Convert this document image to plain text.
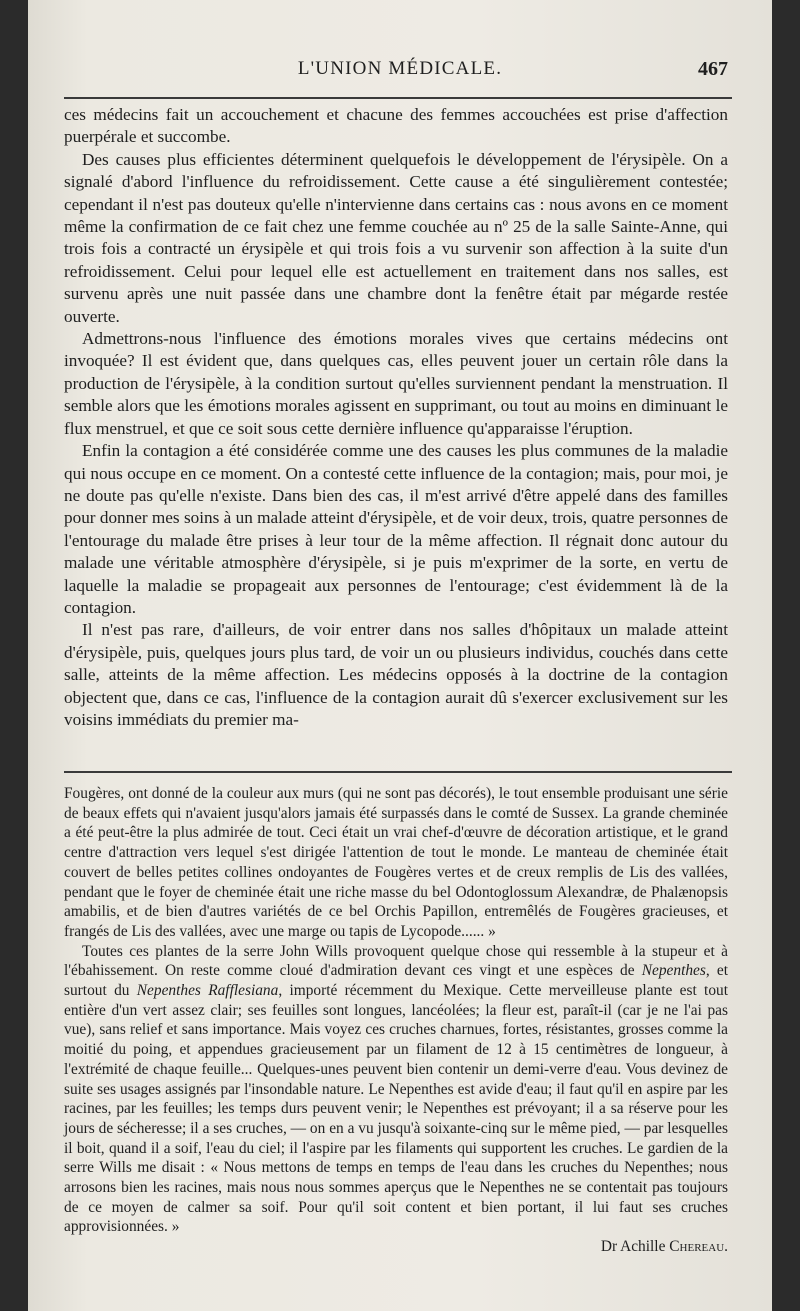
L'UNION MÉDICALE.	467

ces médecins fait un accouchement et chacune des femmes accouchées est prise d'affection puerpérale et succombe.

Des causes plus efficientes déterminent quelquefois le développement de l'érysipèle. On a signalé d'abord l'influence du refroidissement. Cette cause a été singulièrement contestée; cependant il n'est pas douteux qu'elle n'intervienne dans certains cas : nous avons en ce moment même la confirmation de ce fait chez une femme couchée au nº 25 de la salle Sainte-Anne, qui trois fois a contracté un érysipèle et qui trois fois a vu survenir son affection à la suite d'un refroidissement. Celui pour lequel elle est actuellement en traitement dans nos salles, est survenu après une nuit passée dans une chambre dont la fenêtre était par mégarde restée ouverte.

Admettrons-nous l'influence des émotions morales vives que certains médecins ont invoquée? Il est évident que, dans quelques cas, elles peuvent jouer un certain rôle dans la production de l'érysipèle, à la condition surtout qu'elles surviennent pendant la menstruation. Il semble alors que les émotions morales agissent en supprimant, ou tout au moins en diminuant le flux menstruel, et que ce soit sous cette dernière influence qu'apparaisse l'éruption.

Enfin la contagion a été considérée comme une des causes les plus communes de la maladie qui nous occupe en ce moment. On a contesté cette influence de la contagion; mais, pour moi, je ne doute pas qu'elle n'existe. Dans bien des cas, il m'est arrivé d'être appelé dans des familles pour donner mes soins à un malade atteint d'érysipèle, et de voir deux, trois, quatre personnes de l'entourage du malade être prises à leur tour de la même affection. Il régnait donc autour du malade une véritable atmosphère d'érysipèle, si je puis m'exprimer de la sorte, en vertu de laquelle la maladie se propageait aux personnes de l'entourage; c'est évidemment là de la contagion.

Il n'est pas rare, d'ailleurs, de voir entrer dans nos salles d'hôpitaux un malade atteint d'érysipèle, puis, quelques jours plus tard, de voir un ou plusieurs individus, couchés dans cette salle, atteints de la même affection. Les médecins opposés à la doctrine de la contagion objectent que, dans ce cas, l'influence de la contagion aurait dû s'exercer exclusivement sur les voisins immédiats du premier ma-

Fougères, ont donné de la couleur aux murs (qui ne sont pas décorés), le tout ensemble produisant une série de beaux effets qui n'avaient jusqu'alors jamais été surpassés dans le comté de Sussex. La grande cheminée a été peut-être la plus admirée de tout. Ceci était un vrai chef-d'œuvre de décoration artistique, et le grand centre d'attraction vers lequel s'est dirigée l'attention de tout le monde. Le manteau de cheminée était couvert de belles petites collines ondoyantes de Fougères vertes et de creux remplis de Lis des vallées, pendant que le foyer de cheminée était une riche masse du bel Odontoglossum Alexandræ, de Phalænopsis amabilis, et de bien d'autres variétés de ce bel Orchis Papillon, entremêlés de Fougères gracieuses, et frangés de Lis des vallées, avec une marge ou tapis de Lycopode...... »

Toutes ces plantes de la serre John Wills provoquent quelque chose qui ressemble à la stupeur et à l'ébahissement. On reste comme cloué d'admiration devant ces vingt et une espèces de Nepenthes, et surtout du Nepenthes Rafflesiana, importé récemment du Mexique. Cette merveilleuse plante est tout entière d'un vert assez clair; ses feuilles sont longues, lancéolées; la fleur est, paraît-il (car je ne l'ai pas vue), sans relief et sans importance. Mais voyez ces cruches charnues, fortes, résistantes, grosses comme la moitié du poing, et appendues gracieusement par un filament de 12 à 15 centimètres de longueur, à l'extrémité de chaque feuille... Quelques-unes peuvent bien contenir un demi-verre d'eau. Vous devinez de suite ses usages assignés par l'insondable nature. Le Nepenthes est avide d'eau; il faut qu'il en aspire par les racines, par les feuilles; les temps durs peuvent venir; le Nepenthes est prévoyant; il a sa réserve pour les jours de sécheresse; il a ses cruches, — on en a vu jusqu'à soixante-cinq sur le même pied, — par lesquelles il boit, quand il a soif, l'eau du ciel; il l'aspire par les filaments qui supportent les cruches. Le gardien de la serre Wills me disait : « Nous mettons de temps en temps de l'eau dans les cruches du Nepenthes; nous arrosons bien les racines, mais nous nous sommes aperçus que le Nepenthes ne se contentait pas toujours de ce moyen de calmer sa soif. Pour qu'il soit content et bien portant, il lui faut ses cruches approvisionnées. »

Dr Achille Chereau.
